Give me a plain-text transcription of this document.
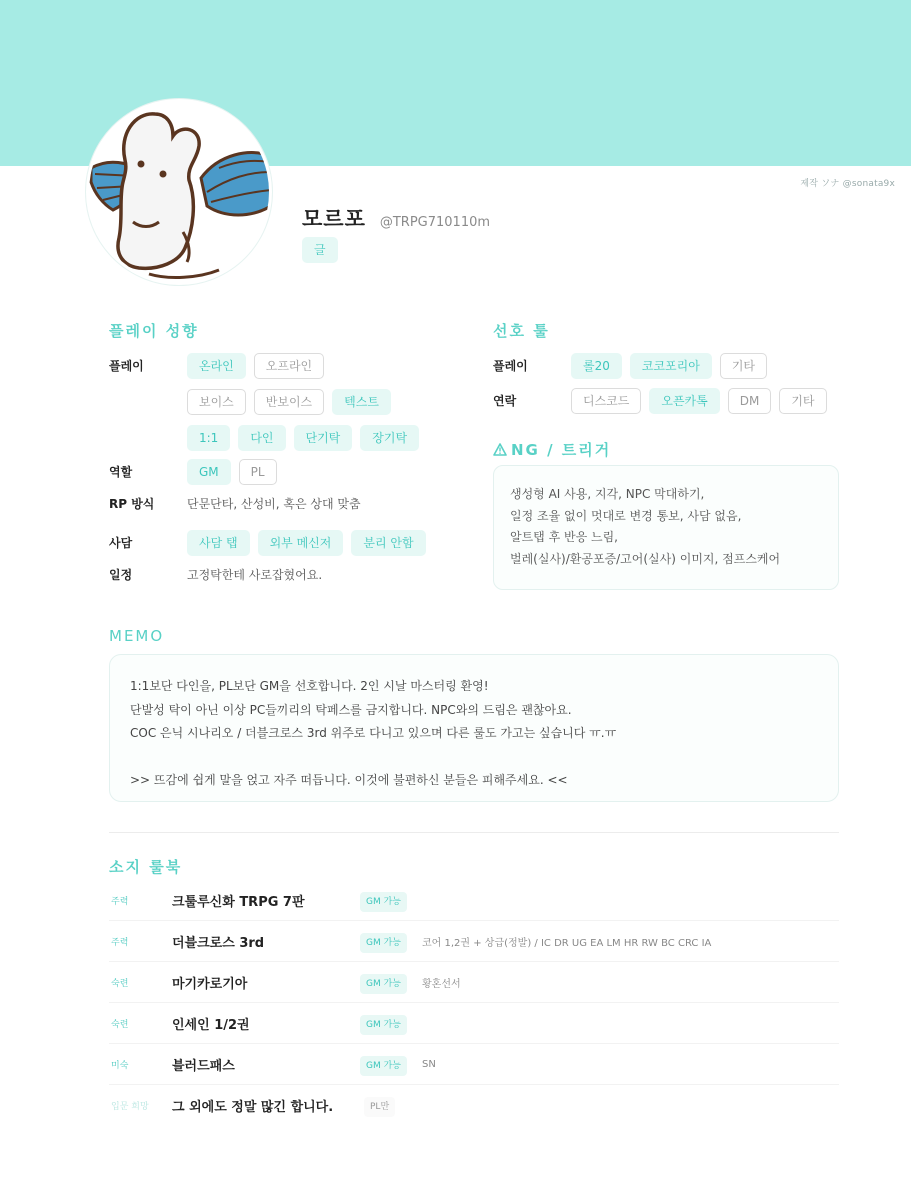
제작 ソナ @sonata9x
모르포 @TRPG710110m
글
플레이 성향
플레이	온라인	오프라인
보이스	반보이스	텍스트
1:1	다인	단기탁	장기탁
역할	GM	PL
RP 방식	단문단타, 산성비, 혹은 상대 맞춤
사담	사담 탭	외부 메신저	분리 안함
일정	고정탁한테 사로잡혔어요.
선호 툴
플레이	롤20	코코포리아	기타
연락	디스코드	오픈카톡	DM	기타
NG / 트리거

생성형 AI 사용, 지각, NPC 막대하기,

일정 조율 없이 멋대로 변경 통보, 사담 없음,

알트탭 후 반응 느림,

벌레(실사)/환공포증/고어(실사) 이미지, 점프스케어

MEMO

1:1보단 다인을, PL보단 GM을 선호합니다. 2인 시날 마스터링 환영!

단발성 탁이 아닌 이상 PC들끼리의 탁페스를 금지합니다. NPC와의 드림은 괜찮아요.

COC 은닉 시나리오 / 더블크로스 3rd 위주로 다니고 있으며 다른 룰도 가고는 싶습니다 ㅠ.ㅠ

>> 뜨감에 쉽게 말을 얹고 자주 떠듭니다. 이것에 불편하신 분들은 피해주세요. <<

소지 룰북
주력	크툴루신화 TRPG 7판	GM 가능
주력	더블크로스 3rd	GM 가능	코어 1,2권 + 상급(정발) / IC DR UG EA LM HR RW BC CRC IA
숙련	마기카로기아	GM 가능	황혼선서
숙련	인세인 1/2권	GM 가능
미숙	블러드패스	GM 가능	SN
입문 희망	그 외에도 정말 많긴 합니다.	PL만
